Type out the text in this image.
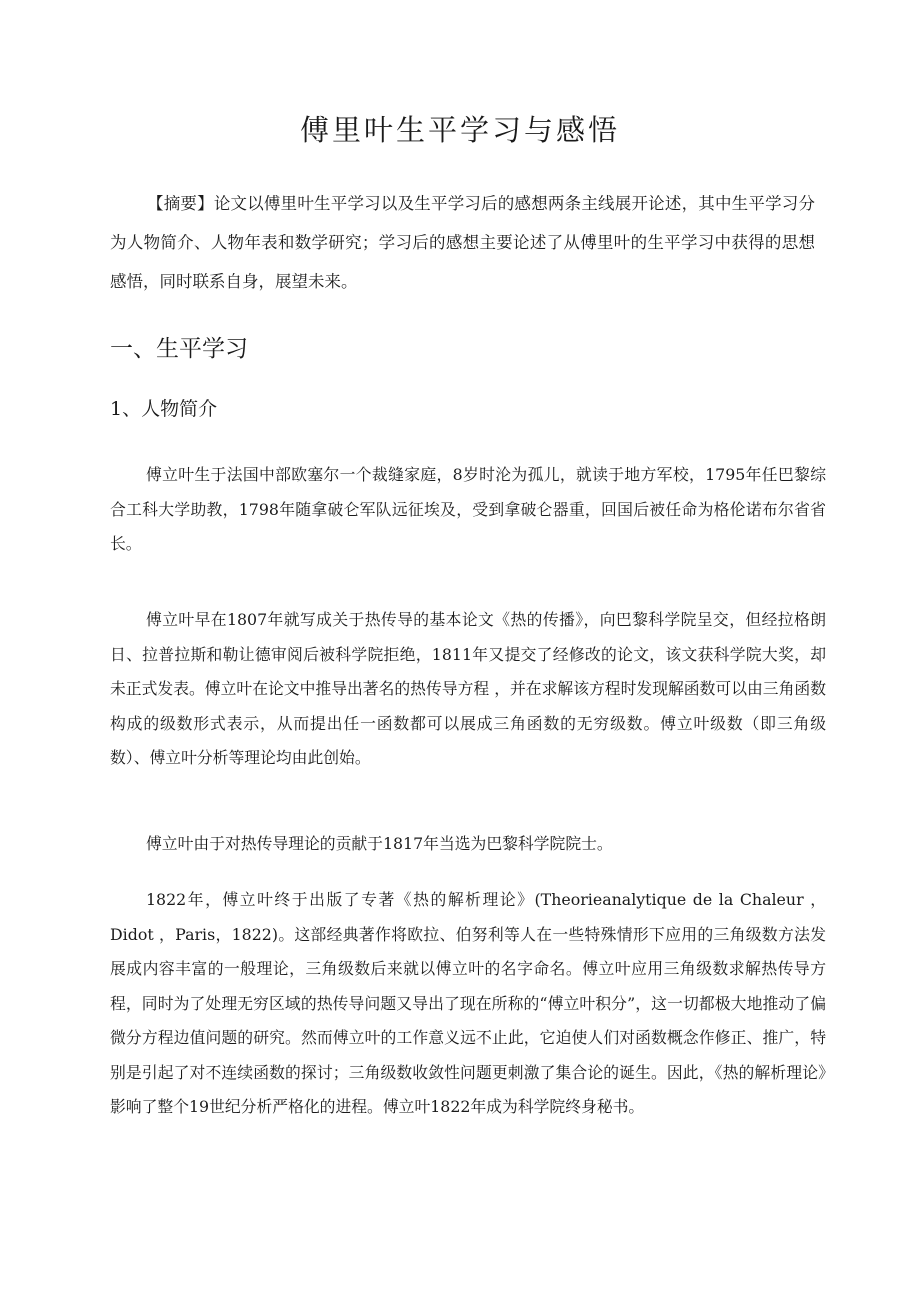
傅里叶生平学习与感悟

【摘要】论文以傅里叶生平学习以及生平学习后的感想两条主线展开论述，其中生平学习分为人物简介、人物年表和数学研究；学习后的感想主要论述了从傅里叶的生平学习中获得的思想感悟，同时联系自身，展望未来。

一、生平学习
1、人物简介

傅立叶生于法国中部欧塞尔一个裁缝家庭，8岁时沦为孤儿，就读于地方军校，1795年任巴黎综合工科大学助教，1798年随拿破仑军队远征埃及，受到拿破仑器重，回国后被任命为格伦诺布尔省省长。

傅立叶早在1807年就写成关于热传导的基本论文《热的传播》，向巴黎科学院呈交，但经拉格朗日、拉普拉斯和勒让德审阅后被科学院拒绝，1811年又提交了经修改的论文，该文获科学院大奖，却未正式发表。傅立叶在论文中推导出著名的热传导方程 ，并在求解该方程时发现解函数可以由三角函数构成的级数形式表示，从而提出任一函数都可以展成三角函数的无穷级数。傅立叶级数（即三角级数）、傅立叶分析等理论均由此创始。

傅立叶由于对热传导理论的贡献于1817年当选为巴黎科学院院士。

1822年，傅立叶终于出版了专著《热的解析理论》(Theorieanalytique de la Chaleur ，Didot ，Paris，1822)。这部经典著作将欧拉、伯努利等人在一些特殊情形下应用的三角级数方法发展成内容丰富的一般理论，三角级数后来就以傅立叶的名字命名。傅立叶应用三角级数求解热传导方程，同时为了处理无穷区域的热传导问题又导出了现在所称的“傅立叶积分”，这一切都极大地推动了偏微分方程边值问题的研究。然而傅立叶的工作意义远不止此，它迫使人们对函数概念作修正、推广，特别是引起了对不连续函数的探讨；三角级数收敛性问题更刺激了集合论的诞生。因此，《热的解析理论》影响了整个19世纪分析严格化的进程。傅立叶1822年成为科学院终身秘书。
